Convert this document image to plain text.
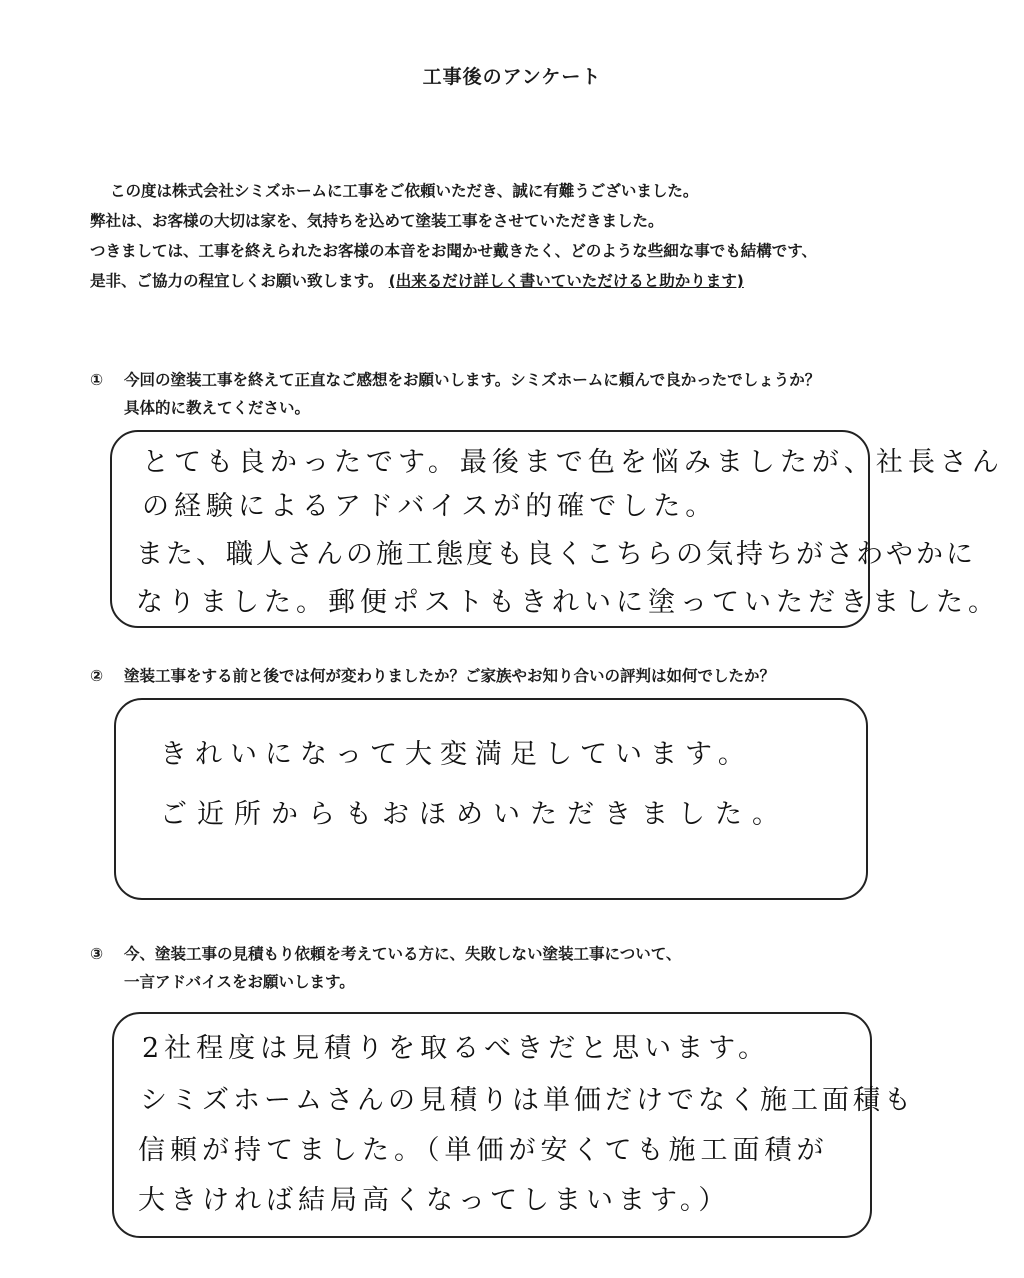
工事後のアンケート
この度は株式会社シミズホームに工事をご依頼いただき、誠に有難うございました。
弊社は、お客様の大切は家を、気持ちを込めて塗装工事をさせていただきました。
つきましては、工事を終えられたお客様の本音をお聞かせ戴きたく、どのような些細な事でも結構です、
是非、ご協力の程宜しくお願い致します。 (出来るだけ詳しく書いていただけると助かります)
① 今回の塗装工事を終えて正直なご感想をお願いします。シミズホームに頼んで良かったでしょうか？
具体的に教えてください。
とても良かったです。最後まで色を悩みましたが、社長さん
の経験によるアドバイスが的確でした。
また、職人さんの施工態度も良くこちらの気持ちがさわやかに
なりました。郵便ポストもきれいに塗っていただきました。
② 塗装工事をする前と後では何が変わりましたか？ご家族やお知り合いの評判は如何でしたか？
きれいになって大変満足しています。
ご近所からもおほめいただきました。
③ 今、塗装工事の見積もり依頼を考えている方に、失敗しない塗装工事について、
一言アドバイスをお願いします。
2社程度は見積りを取るべきだと思います。
シミズホームさんの見積りは単価だけでなく施工面積も
信頼が持てました。（単価が安くても施工面積が
大きければ結局高くなってしまいます。）
